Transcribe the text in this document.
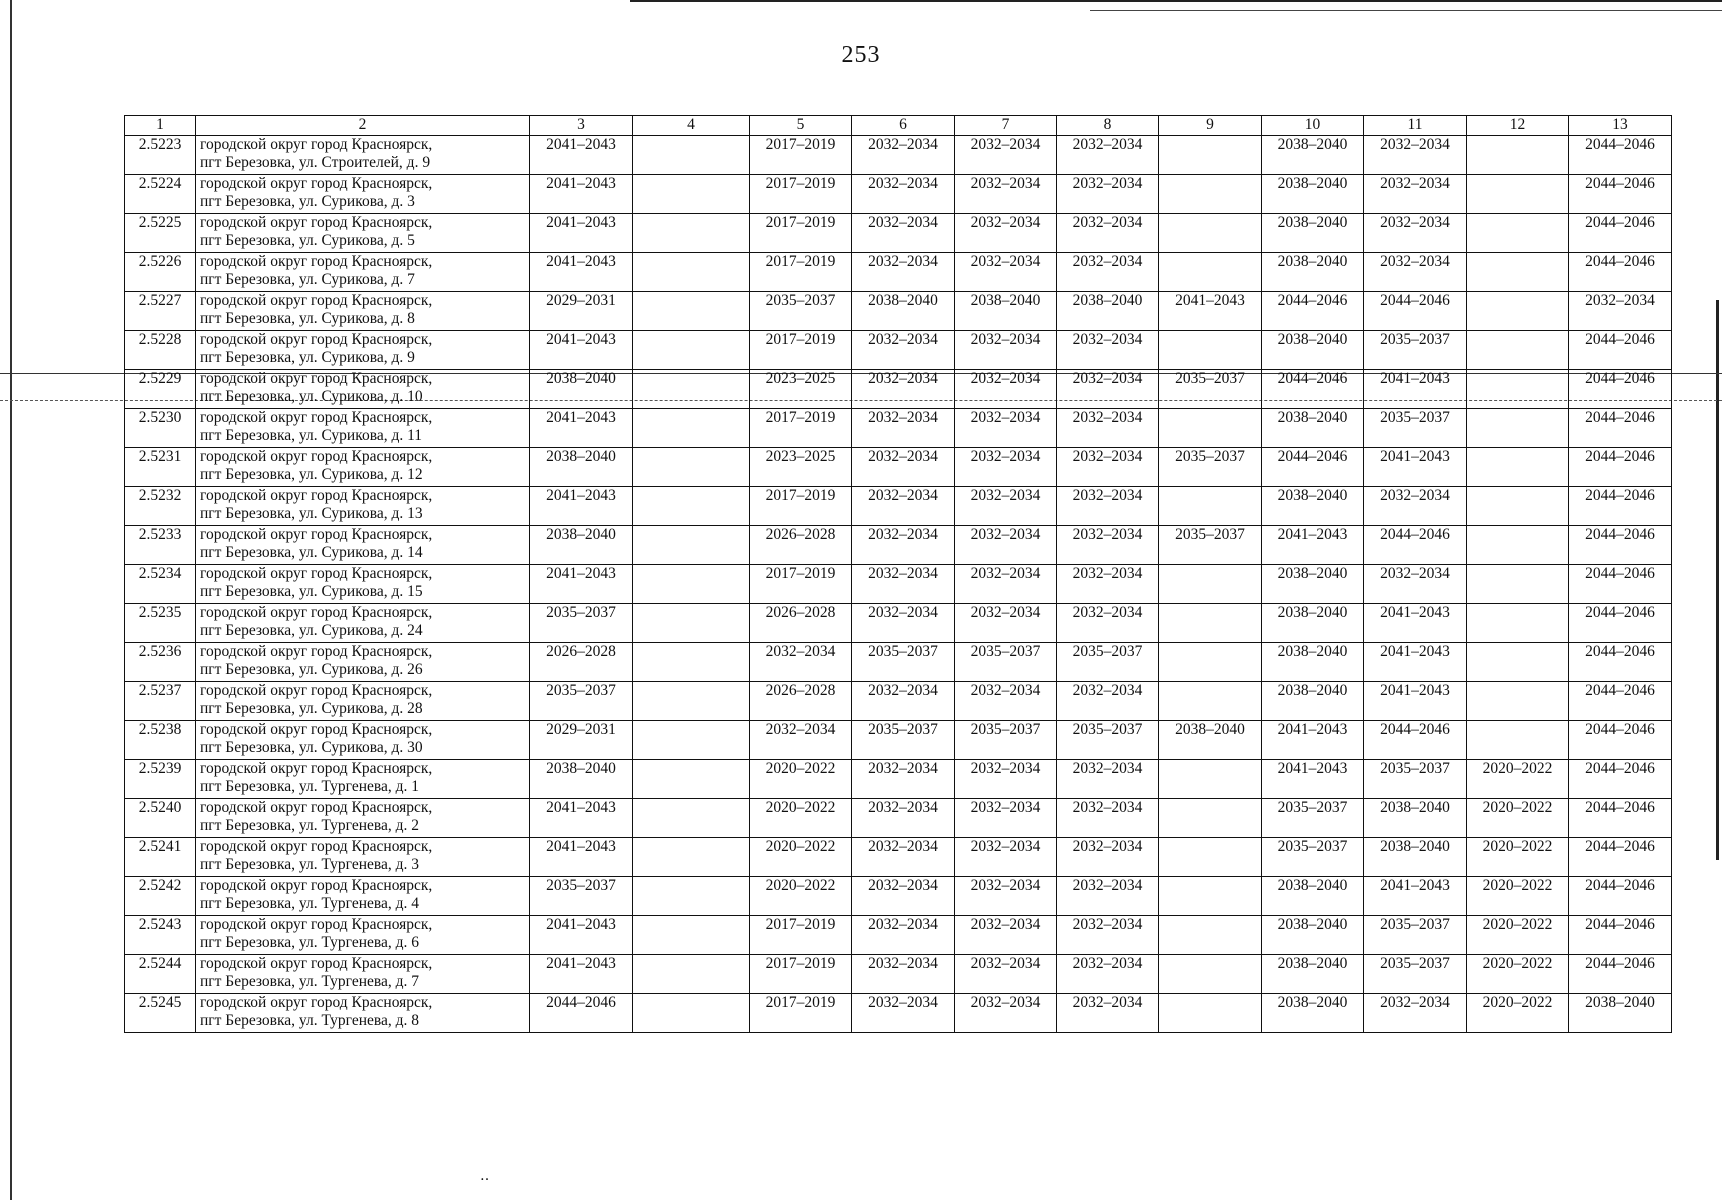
253
1	2	3	4	5	6	7	8	9	10	11	12	13
2.5223	городской округ город Красноярск,
пгт Березовка, ул. Строителей, д. 9	2041–2043		2017–2019	2032–2034	2032–2034	2032–2034		2038–2040	2032–2034		2044–2046
2.5224	городской округ город Красноярск,
пгт Березовка, ул. Сурикова, д. 3	2041–2043		2017–2019	2032–2034	2032–2034	2032–2034		2038–2040	2032–2034		2044–2046
2.5225	городской округ город Красноярск,
пгт Березовка, ул. Сурикова, д. 5	2041–2043		2017–2019	2032–2034	2032–2034	2032–2034		2038–2040	2032–2034		2044–2046
2.5226	городской округ город Красноярск,
пгт Березовка, ул. Сурикова, д. 7	2041–2043		2017–2019	2032–2034	2032–2034	2032–2034		2038–2040	2032–2034		2044–2046
2.5227	городской округ город Красноярск,
пгт Березовка, ул. Сурикова, д. 8	2029–2031		2035–2037	2038–2040	2038–2040	2038–2040	2041–2043	2044–2046	2044–2046		2032–2034
2.5228	городской округ город Красноярск,
пгт Березовка, ул. Сурикова, д. 9	2041–2043		2017–2019	2032–2034	2032–2034	2032–2034		2038–2040	2035–2037		2044–2046
2.5229	городской округ город Красноярск,
пгт Березовка, ул. Сурикова, д. 10	2038–2040		2023–2025	2032–2034	2032–2034	2032–2034	2035–2037	2044–2046	2041–2043		2044–2046
2.5230	городской округ город Красноярск,
пгт Березовка, ул. Сурикова, д. 11	2041–2043		2017–2019	2032–2034	2032–2034	2032–2034		2038–2040	2035–2037		2044–2046
2.5231	городской округ город Красноярск,
пгт Березовка, ул. Сурикова, д. 12	2038–2040		2023–2025	2032–2034	2032–2034	2032–2034	2035–2037	2044–2046	2041–2043		2044–2046
2.5232	городской округ город Красноярск,
пгт Березовка, ул. Сурикова, д. 13	2041–2043		2017–2019	2032–2034	2032–2034	2032–2034		2038–2040	2032–2034		2044–2046
2.5233	городской округ город Красноярск,
пгт Березовка, ул. Сурикова, д. 14	2038–2040		2026–2028	2032–2034	2032–2034	2032–2034	2035–2037	2041–2043	2044–2046		2044–2046
2.5234	городской округ город Красноярск,
пгт Березовка, ул. Сурикова, д. 15	2041–2043		2017–2019	2032–2034	2032–2034	2032–2034		2038–2040	2032–2034		2044–2046
2.5235	городской округ город Красноярск,
пгт Березовка, ул. Сурикова, д. 24	2035–2037		2026–2028	2032–2034	2032–2034	2032–2034		2038–2040	2041–2043		2044–2046
2.5236	городской округ город Красноярск,
пгт Березовка, ул. Сурикова, д. 26	2026–2028		2032–2034	2035–2037	2035–2037	2035–2037		2038–2040	2041–2043		2044–2046
2.5237	городской округ город Красноярск,
пгт Березовка, ул. Сурикова, д. 28	2035–2037		2026–2028	2032–2034	2032–2034	2032–2034		2038–2040	2041–2043		2044–2046
2.5238	городской округ город Красноярск,
пгт Березовка, ул. Сурикова, д. 30	2029–2031		2032–2034	2035–2037	2035–2037	2035–2037	2038–2040	2041–2043	2044–2046		2044–2046
2.5239	городской округ город Красноярск,
пгт Березовка, ул. Тургенева, д. 1	2038–2040		2020–2022	2032–2034	2032–2034	2032–2034		2041–2043	2035–2037	2020–2022	2044–2046
2.5240	городской округ город Красноярск,
пгт Березовка, ул. Тургенева, д. 2	2041–2043		2020–2022	2032–2034	2032–2034	2032–2034		2035–2037	2038–2040	2020–2022	2044–2046
2.5241	городской округ город Красноярск,
пгт Березовка, ул. Тургенева, д. 3	2041–2043		2020–2022	2032–2034	2032–2034	2032–2034		2035–2037	2038–2040	2020–2022	2044–2046
2.5242	городской округ город Красноярск,
пгт Березовка, ул. Тургенева, д. 4	2035–2037		2020–2022	2032–2034	2032–2034	2032–2034		2038–2040	2041–2043	2020–2022	2044–2046
2.5243	городской округ город Красноярск,
пгт Березовка, ул. Тургенева, д. 6	2041–2043		2017–2019	2032–2034	2032–2034	2032–2034		2038–2040	2035–2037	2020–2022	2044–2046
2.5244	городской округ город Красноярск,
пгт Березовка, ул. Тургенева, д. 7	2041–2043		2017–2019	2032–2034	2032–2034	2032–2034		2038–2040	2035–2037	2020–2022	2044–2046
2.5245	городской округ город Красноярск,
пгт Березовка, ул. Тургенева, д. 8	2044–2046		2017–2019	2032–2034	2032–2034	2032–2034		2038–2040	2032–2034	2020–2022	2038–2040
‥
